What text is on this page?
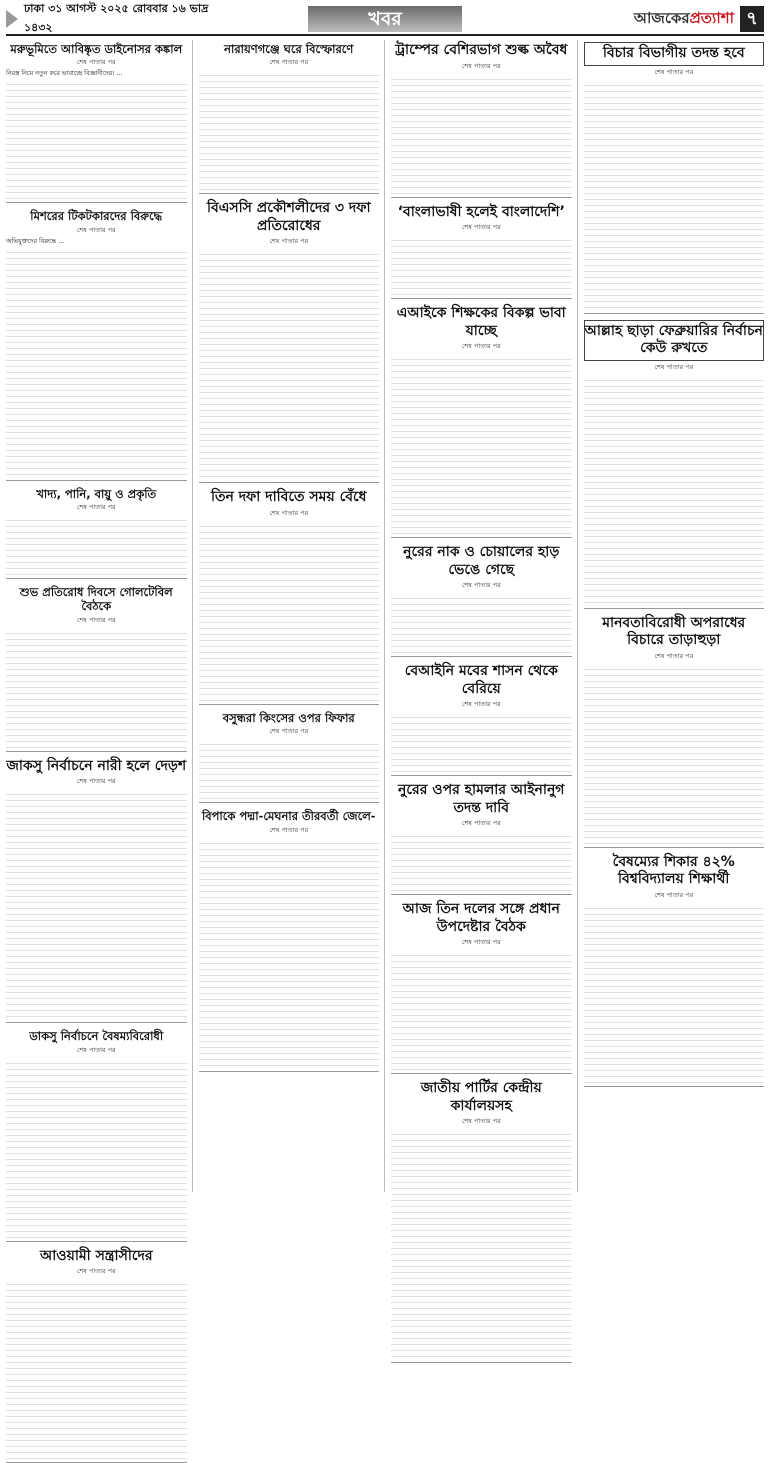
ঢাকা ৩১ আগস্ট ২০২৫ রোববার ১৬ ভাদ্র ১৪৩২	খবর	আজকেরপ্রত্যাশা ৭
মরুভূমিতে আবিষ্কৃত ডাইনোসর কঙ্কাল
শেষ পাতার পর
নিরস্ত্র নিয়ে নতুন করে ভাবাচ্ছে বিজ্ঞানীদের। ...
মিশরের টিকটকারদের বিরুদ্ধে
শেষ পাতার পর
অভিযুক্তদের বিরুদ্ধে ...
খাদ্য, পানি, বায়ু ও প্রকৃতি
শেষ পাতার পর
শুভ প্রতিরোধ দিবসে গোলটেবিল বৈঠকে
শেষ পাতার পর
জাকসু নির্বাচনে নারী হলে দেড়শ
শেষ পাতার পর
ডাকসু নির্বাচনে বৈষম্যবিরোধী
শেষ পাতার পর
আওয়ামী সন্ত্রাসীদের
শেষ পাতার পর
নারায়ণগঞ্জে ঘরে বিস্ফোরণে
শেষ পাতার পর
বিএসসি প্রকৌশলীদের ৩ দফা প্রতিরোধের
শেষ পাতার পর
তিন দফা দাবিতে সময় বেঁধে
শেষ পাতার পর
বসুন্ধরা কিংসের ওপর ফিফার
শেষ পাতার পর
বিপাকে পদ্মা-মেঘনার তীরবর্তী জেলে-
শেষ পাতার পর
ট্রাম্পের বেশিরভাগ শুল্ক অবৈধ
শেষ পাতার পর
‘বাংলাভাষী হলেই বাংলাদেশি’
শেষ পাতার পর
এআইকে শিক্ষকের বিকল্প ভাবা যাচ্ছে
শেষ পাতার পর
নুরের নাক ও চোয়ালের হাড় ভেঙে গেছে
শেষ পাতার পর
বেআইনি মবের শাসন থেকে বেরিয়ে
শেষ পাতার পর
নুরের ওপর হামলার আইনানুগ তদন্ত দাবি
শেষ পাতার পর
আজ তিন দলের সঙ্গে প্রধান উপদেষ্টার বৈঠক
শেষ পাতার পর
জাতীয় পার্টির কেন্দ্রীয় কার্যালয়সহ
শেষ পাতার পর
বিচার বিভাগীয় তদন্ত হবে
শেষ পাতার পর
আল্লাহ ছাড়া ফেব্রুয়ারির নির্বাচন কেউ রুখতে
শেষ পাতার পর
মানবতাবিরোধী অপরাধের বিচারে তাড়াহুড়া
শেষ পাতার পর
বৈষম্যের শিকার ৪২% বিশ্ববিদ্যালয় শিক্ষার্থী
শেষ পাতার পর
